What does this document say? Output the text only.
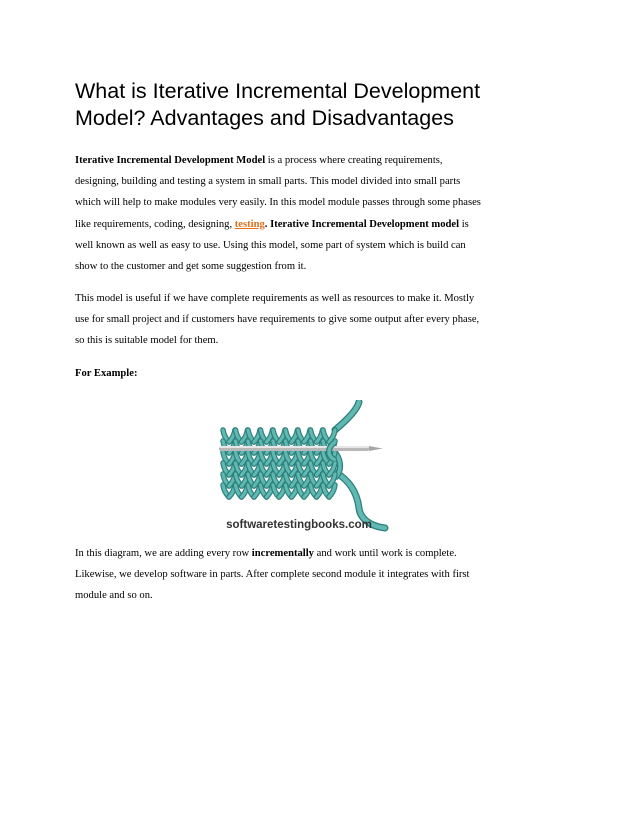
What is Iterative Incremental Development
Model? Advantages and Disadvantages

Iterative Incremental Development Model is a process where creating requirements,
designing, building and testing a system in small parts. This model divided into small parts
which will help to make modules very easily. In this model module passes through some phases
like requirements, coding, designing, testing. Iterative Incremental Development model is
well known as well as easy to use. Using this model, some part of system which is build can
show to the customer and get some suggestion from it.

This model is useful if we have complete requirements as well as resources to make it. Mostly
use for small project and if customers have requirements to give some output after every phase,
so this is suitable model for them.

For Example:

softwaretestingbooks.com

In this diagram, we are adding every row incrementally and work until work is complete.
Likewise, we develop software in parts. After complete second module it integrates with first
module and so on.
